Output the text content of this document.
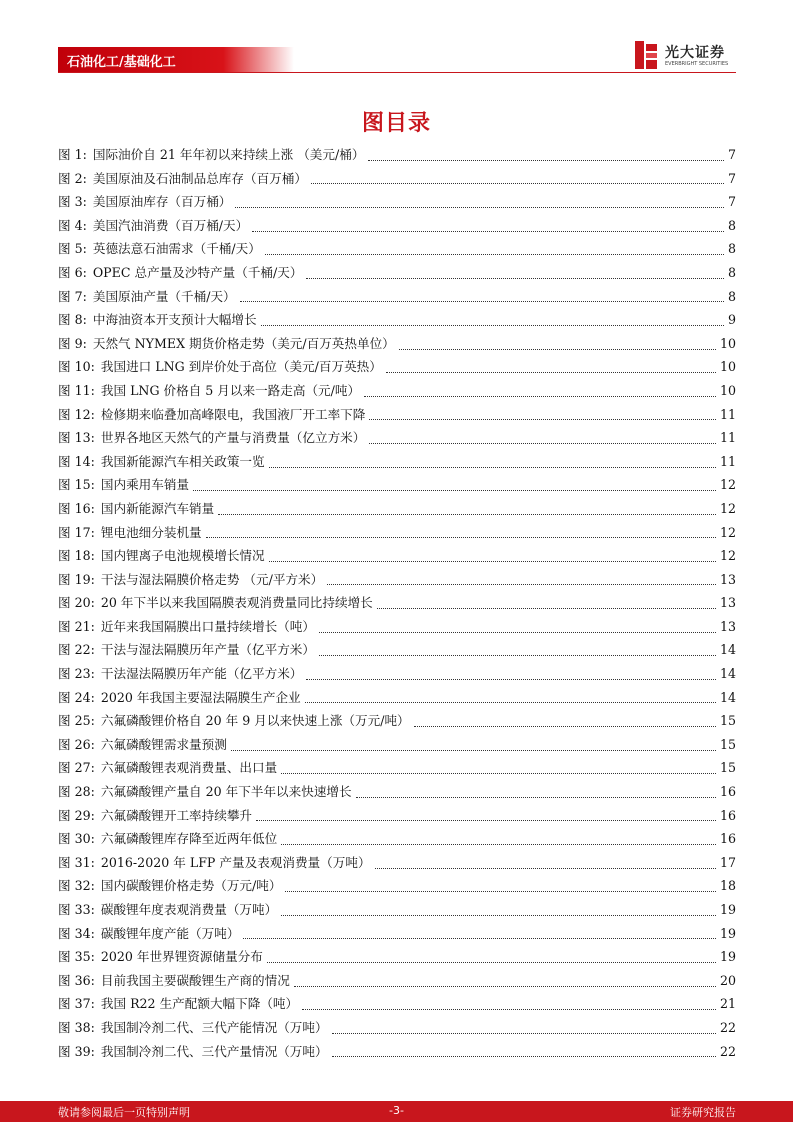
石油化工/基础化工
光大证券
EVERBRIGHT SECURITIES
图目录
图 1: 国际油价自 21 年年初以来持续上涨 （美元/桶）	7
图 2: 美国原油及石油制品总库存（百万桶）	7
图 3: 美国原油库存（百万桶）	7
图 4: 美国汽油消费（百万桶/天）	8
图 5: 英德法意石油需求（千桶/天）	8
图 6: OPEC 总产量及沙特产量（千桶/天）	8
图 7: 美国原油产量（千桶/天）	8
图 8: 中海油资本开支预计大幅增长	9
图 9: 天然气 NYMEX 期货价格走势（美元/百万英热单位）	10
图 10: 我国进口 LNG 到岸价处于高位（美元/百万英热）	10
图 11: 我国 LNG 价格自 5 月以来一路走高（元/吨）	10
图 12: 检修期来临叠加高峰限电，我国液厂开工率下降	11
图 13: 世界各地区天然气的产量与消费量（亿立方米）	11
图 14: 我国新能源汽车相关政策一览	11
图 15: 国内乘用车销量	12
图 16: 国内新能源汽车销量	12
图 17: 锂电池细分装机量	12
图 18: 国内锂离子电池规模增长情况	12
图 19: 干法与湿法隔膜价格走势 （元/平方米）	13
图 20: 20 年下半以来我国隔膜表观消费量同比持续增长	13
图 21: 近年来我国隔膜出口量持续增长（吨）	13
图 22: 干法与湿法隔膜历年产量（亿平方米）	14
图 23: 干法湿法隔膜历年产能（亿平方米）	14
图 24: 2020 年我国主要湿法隔膜生产企业	14
图 25: 六氟磷酸锂价格自 20 年 9 月以来快速上涨（万元/吨）	15
图 26: 六氟磷酸锂需求量预测	15
图 27: 六氟磷酸锂表观消费量、出口量	15
图 28: 六氟磷酸锂产量自 20 年下半年以来快速增长	16
图 29: 六氟磷酸锂开工率持续攀升	16
图 30: 六氟磷酸锂库存降至近两年低位	16
图 31: 2016-2020 年 LFP 产量及表观消费量（万吨）	17
图 32: 国内碳酸锂价格走势（万元/吨）	18
图 33: 碳酸锂年度表观消费量（万吨）	19
图 34: 碳酸锂年度产能（万吨）	19
图 35: 2020 年世界锂资源储量分布	19
图 36: 目前我国主要碳酸锂生产商的情况	20
图 37: 我国 R22 生产配额大幅下降（吨）	21
图 38: 我国制冷剂二代、三代产能情况（万吨）	22
图 39: 我国制冷剂二代、三代产量情况（万吨）	22
敬请参阅最后一页特别声明	-3-	证券研究报告
